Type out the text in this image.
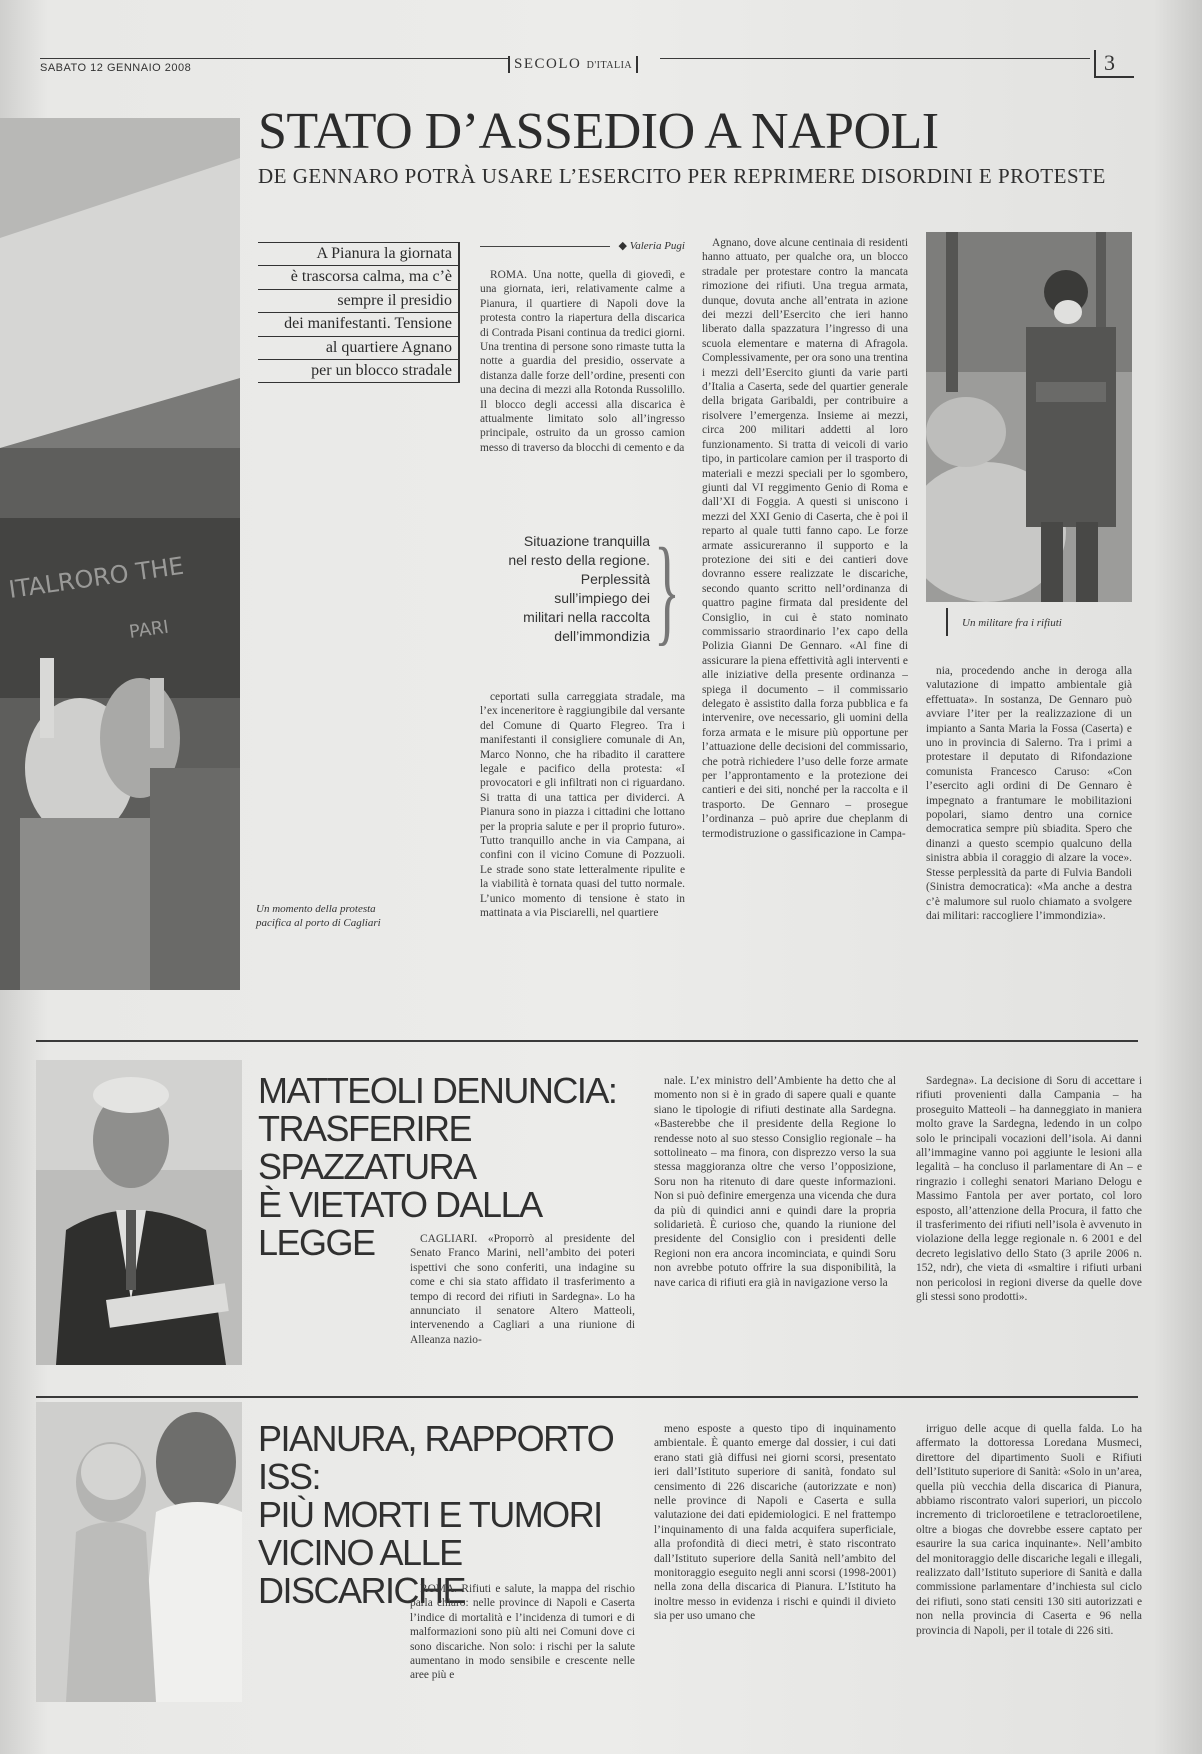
SABATO 12 GENNAIO 2008	SECOLO D'ITALIA	3
ITALRORO THE
PARI
STATO D’ASSEDIO A NAPOLI
DE GENNARO POTRÀ USARE L’ESERCITO PER REPRIMERE DISORDINI E PROTESTE
A Pianura la giornata
è trascorsa calma, ma c’è
sempre il presidio
dei manifestanti. Tensione
al quartiere Agnano
per un blocco stradale
◆ Valeria Pugi

ROMA. Una notte, quella di giovedì, e una giornata, ieri, relativamente calme a Pianura, il quartiere di Napoli dove la protesta contro la riapertura della discarica di Contrada Pisani continua da tredici giorni. Una trentina di persone sono rimaste tutta la notte a guardia del presidio, osservate a distanza dalle forze dell’ordine, presenti con una decina di mezzi alla Rotonda Russolillo. Il blocco degli accessi alla discarica è attualmente limitato solo all’ingresso principale, ostruito da un grosso camion messo di traverso da blocchi di cemento e da

Situazione tranquilla
nel resto della regione.
Perplessità
sull’impiego dei
militari nella raccolta
dell’immondizia }

ceportati sulla carreggiata stradale, ma l’ex inceneritore è raggiungibile dal versante del Comune di Quarto Flegreo. Tra i manifestanti il consigliere comunale di An, Marco Nonno, che ha ribadito il carattere legale e pacifico della protesta: «I provocatori e gli infiltrati non ci riguardano. Si tratta di una tattica per dividerci. A Pianura sono in piazza i cittadini che lottano per la propria salute e per il proprio futuro». Tutto tranquillo anche in via Campana, ai confini con il vicino Comune di Pozzuoli. Le strade sono state letteralmente ripulite e la viabilità è tornata quasi del tutto normale. L’unico momento di tensione è stato in mattinata a via Pisciarelli, nel quartiere

Agnano, dove alcune centinaia di residenti hanno attuato, per qualche ora, un blocco stradale per protestare contro la mancata rimozione dei rifiuti. Una tregua armata, dunque, dovuta anche all’entrata in azione dei mezzi dell’Esercito che ieri hanno liberato dalla spazzatura l’ingresso di una scuola elementare e materna di Afragola. Complessivamente, per ora sono una trentina i mezzi dell’Esercito giunti da varie parti d’Italia a Caserta, sede del quartier generale della brigata Garibaldi, per contribuire a risolvere l’emergenza. Insieme ai mezzi, circa 200 militari addetti al loro funzionamento. Si tratta di veicoli di vario tipo, in particolare camion per il trasporto di materiali e mezzi speciali per lo sgombero, giunti dal VI reggimento Genio di Roma e dall’XI di Foggia. A questi si uniscono i mezzi del XXI Genio di Caserta, che è poi il reparto al quale tutti fanno capo. Le forze armate assicureranno il supporto e la protezione dei siti e dei cantieri dove dovranno essere realizzate le discariche, secondo quanto scritto nell’ordinanza di quattro pagine firmata dal presidente del Consiglio, in cui è stato nominato commissario straordinario l’ex capo della Polizia Gianni De Gennaro. «Al fine di assicurare la piena effettività agli interventi e alle iniziative della presente ordinanza – spiega il documento – il commissario delegato è assistito dalla forza pubblica e fa intervenire, ove necessario, gli uomini della forza armata e le misure più opportune per l’attuazione delle decisioni del commissario, che potrà richiedere l’uso delle forze armate per l’approntamento e la protezione dei cantieri e dei siti, nonché per la raccolta e il trasporto. De Gennaro – prosegue l’ordinanza – può aprire due cheplanm di termodistruzione o gassificazione in Campa-

Un militare fra i rifiuti

nia, procedendo anche in deroga alla valutazione di impatto ambientale già effettuata». In sostanza, De Gennaro può avviare l’iter per la realizzazione di un impianto a Santa Maria la Fossa (Caserta) e uno in provincia di Salerno. Tra i primi a protestare il deputato di Rifondazione comunista Francesco Caruso: «Con l’esercito agli ordini di De Gennaro è impegnato a frantumare le mobilitazioni popolari, siamo dentro una cornice democratica sempre più sbiadita. Spero che dinanzi a questo scempio qualcuno della sinistra abbia il coraggio di alzare la voce». Stesse perplessità da parte di Fulvia Bandoli (Sinistra democratica): «Ma anche a destra c’è malumore sul ruolo chiamato a svolgere dai militari: raccogliere l’immondizia».

Un momento della protesta pacifica al porto di Cagliari
MATTEOLI DENUNCIA:
TRASFERIRE SPAZZATURA
È VIETATO DALLA LEGGE	CAGLIARI. «Proporrò al presidente del Senato Franco Marini, nell’ambito dei poteri ispettivi che sono conferiti, una indagine su come e chi sia stato affidato il trasferimento a tempo di record dei rifiuti in Sardegna». Lo ha annunciato il senatore Altero Matteoli, intervenendo a Cagliari a una riunione di Alleanza nazio-

nale. L’ex ministro dell’Ambiente ha detto che al momento non si è in grado di sapere quali e quante siano le tipologie di rifiuti destinate alla Sardegna. «Basterebbe che il presidente della Regione lo rendesse noto al suo stesso Consiglio regionale – ha sottolineato – ma finora, con disprezzo verso la sua stessa maggioranza oltre che verso l’opposizione, Soru non ha ritenuto di dare queste informazioni. Non si può definire emergenza una vicenda che dura da più di quindici anni e quindi dare la propria solidarietà. È curioso che, quando la riunione del presidente del Consiglio con i presidenti delle Regioni non era ancora incominciata, e quindi Soru non avrebbe potuto offrire la sua disponibilità, la nave carica di rifiuti era già in navigazione verso la

Sardegna». La decisione di Soru di accettare i rifiuti provenienti dalla Campania – ha proseguito Matteoli – ha danneggiato in maniera molto grave la Sardegna, ledendo in un colpo solo le principali vocazioni dell’isola. Ai danni all’immagine vanno poi aggiunte le lesioni alla legalità – ha concluso il parlamentare di An – e ringrazio i colleghi senatori Mariano Delogu e Massimo Fantola per aver portato, col loro esposto, all’attenzione della Procura, il fatto che il trasferimento dei rifiuti nell’isola è avvenuto in violazione della legge regionale n. 6 2001 e del decreto legislativo dello Stato (3 aprile 2006 n. 152, ndr), che vieta di «smaltire i rifiuti urbani non pericolosi in regioni diverse da quelle dove gli stessi sono prodotti».

PIANURA, RAPPORTO ISS:
PIÙ MORTI E TUMORI
VICINO ALLE DISCARICHE

ROMA. Rifiuti e salute, la mappa del rischio parla chiaro: nelle province di Napoli e Caserta l’indice di mortalità e l’incidenza di tumori e di malformazioni sono più alti nei Comuni dove ci sono discariche. Non solo: i rischi per la salute aumentano in modo sensibile e crescente nelle aree più e

meno esposte a questo tipo di inquinamento ambientale. È quanto emerge dal dossier, i cui dati erano stati già diffusi nei giorni scorsi, presentato ieri dall’Istituto superiore di sanità, fondato sul censimento di 226 discariche (autorizzate e non) nelle province di Napoli e Caserta e sulla valutazione dei dati epidemiologici. E nel frattempo l’inquinamento di una falda acquifera superficiale, alla profondità di dieci metri, è stato riscontrato dall’Istituto superiore della Sanità nell’ambito del monitoraggio eseguito negli anni scorsi (1998-2001) nella zona della discarica di Pianura. L’Istituto ha inoltre messo in evidenza i rischi e quindi il divieto sia per uso umano che

irriguo delle acque di quella falda. Lo ha affermato la dottoressa Loredana Musmeci, direttore del dipartimento Suoli e Rifiuti dell’Istituto superiore di Sanità: «Solo in un’area, quella più vecchia della discarica di Pianura, abbiamo riscontrato valori superiori, un piccolo incremento di tricloroetilene e tetracloroetilene, oltre a biogas che dovrebbe essere captato per esaurire la sua carica inquinante». Nell’ambito del monitoraggio delle discariche legali e illegali, realizzato dall’Istituto superiore di Sanità e dalla commissione parlamentare d’inchiesta sul ciclo dei rifiuti, sono stati censiti 130 siti autorizzati e non nella provincia di Caserta e 96 nella provincia di Napoli, per il totale di 226 siti.
